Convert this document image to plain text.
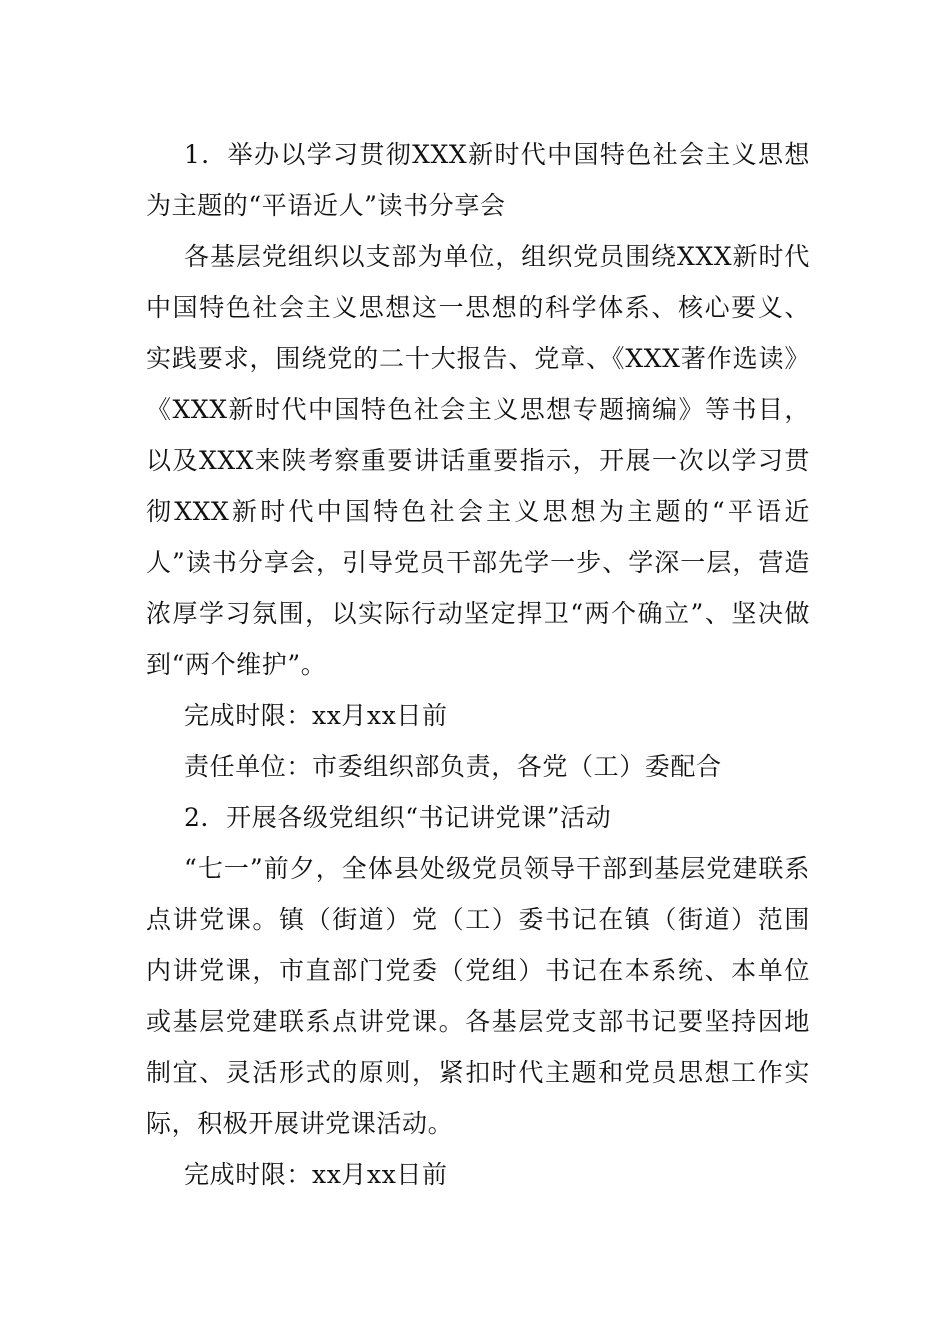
1．举办以学习贯彻XXX新时代中国特色社会主义思想为主题的“平语近人”读书分享会

各基层党组织以支部为单位，组织党员围绕XXX新时代中国特色社会主义思想这一思想的科学体系、核心要义、实践要求，围绕党的二十大报告、党章、《XXX著作选读》《XXX新时代中国特色社会主义思想专题摘编》等书目，以及XXX来陕考察重要讲话重要指示，开展一次以学习贯彻XXX新时代中国特色社会主义思想为主题的“平语近人”读书分享会，引导党员干部先学一步、学深一层，营造浓厚学习氛围，以实际行动坚定捍卫“两个确立”、坚决做到“两个维护”。

完成时限：xx月xx日前

责任单位：市委组织部负责，各党（工）委配合

2．开展各级党组织“书记讲党课”活动

“七一”前夕，全体县处级党员领导干部到基层党建联系点讲党课。镇（街道）党（工）委书记在镇（街道）范围内讲党课，市直部门党委（党组）书记在本系统、本单位或基层党建联系点讲党课。各基层党支部书记要坚持因地制宜、灵活形式的原则，紧扣时代主题和党员思想工作实际，积极开展讲党课活动。

完成时限：xx月xx日前
